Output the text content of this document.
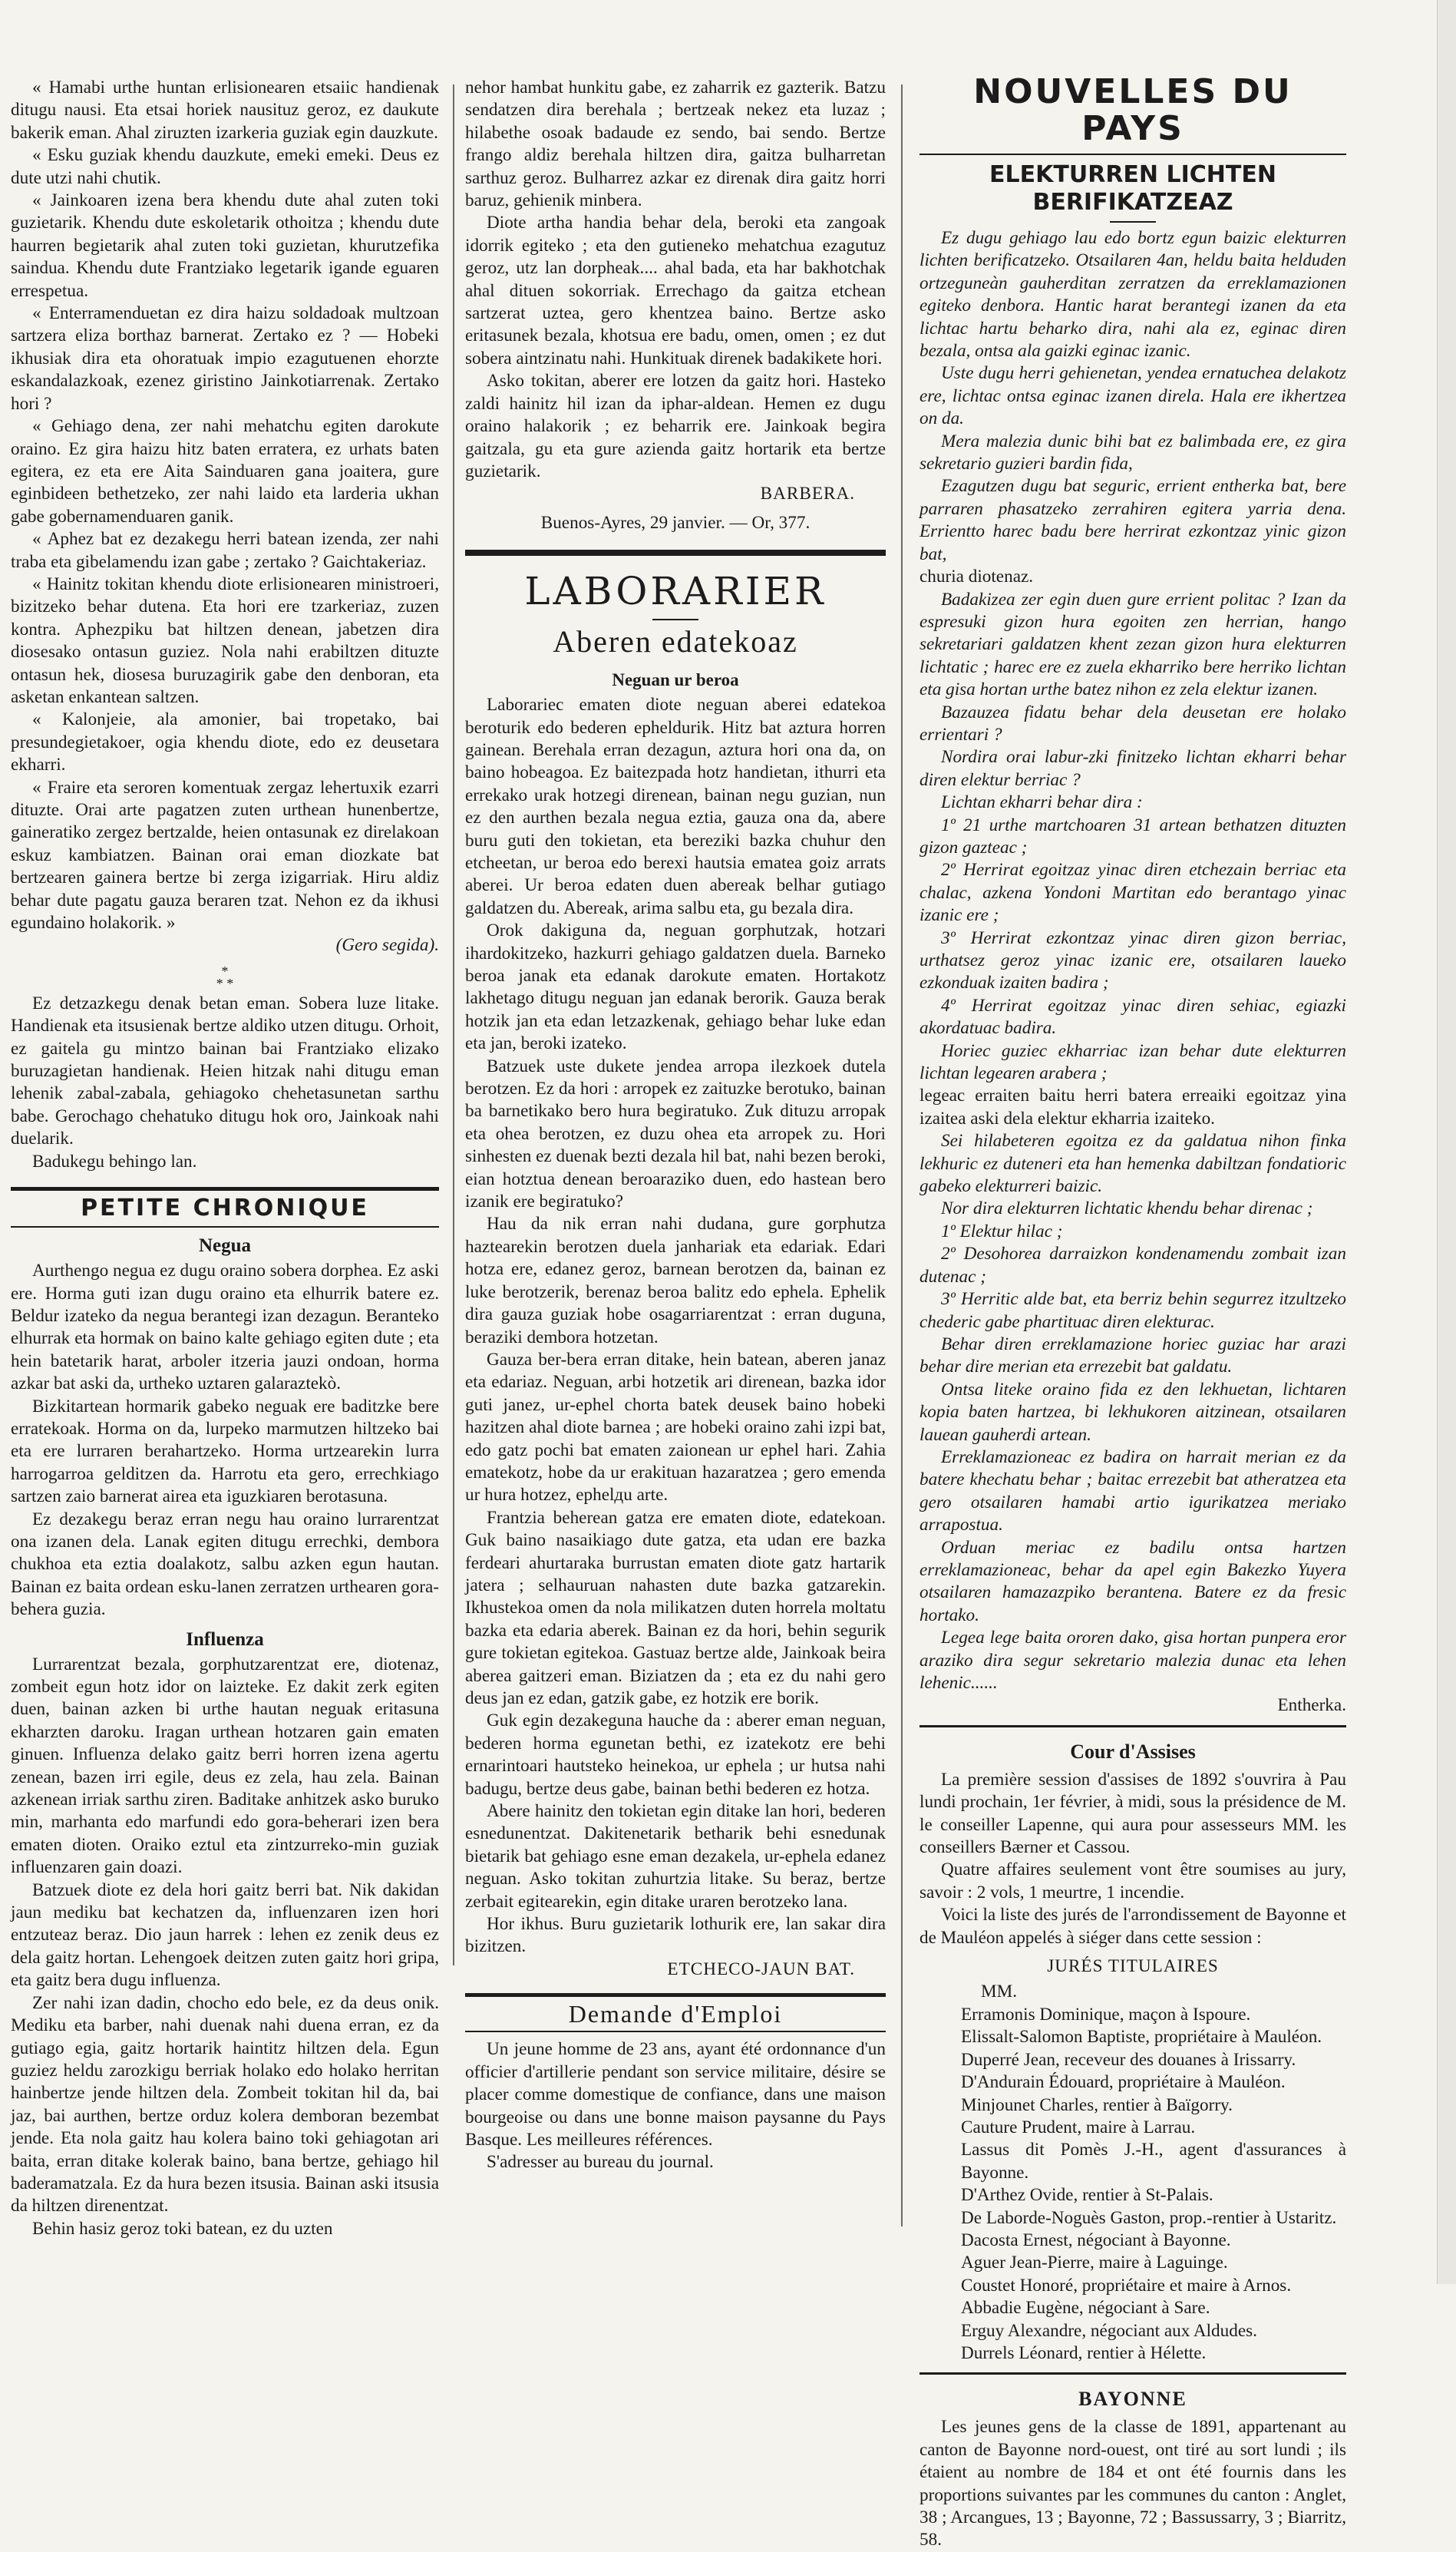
« Hamabi urthe huntan erlisionearen etsaiic handienak ditugu nausi. Eta etsai horiek nausituz geroz, ez daukute bakerik eman. Ahal ziruzten izarkeria guziak egin dauzkute.

« Esku guziak khendu dauzkute, emeki emeki. Deus ez dute utzi nahi chutik.

« Jainkoaren izena bera khendu dute ahal zuten toki guzietarik. Khendu dute eskoletarik othoitza ; khendu dute haurren begietarik ahal zuten toki guzietan, khurutzefika saindua. Khendu dute Frantziako legetarik igande eguaren errespetua.

« Enterramenduetan ez dira haizu soldadoak multzoan sartzera eliza borthaz barnerat. Zertako ez ? — Hobeki ikhusiak dira eta ohoratuak impio ezagutuenen ehorzte eskandalazkoak, ezenez giristino Jainkotiarrenak. Zertako hori ?

« Gehiago dena, zer nahi mehatchu egiten darokute oraino. Ez gira haizu hitz baten erratera, ez urhats baten egitera, ez eta ere Aita Sainduaren gana joaitera, gure eginbideen bethetzeko, zer nahi laido eta larderia ukhan gabe gobernamenduaren ganik.

« Aphez bat ez dezakegu herri batean izenda, zer nahi traba eta gibelamendu izan gabe ; zertako ? Gaichtakeriaz.

« Hainitz tokitan khendu diote erlisionearen ministroeri, bizitzeko behar dutena. Eta hori ere tzarkeriaz, zuzen kontra. Aphezpiku bat hiltzen denean, jabetzen dira diosesako ontasun guziez. Nola nahi erabiltzen dituzte ontasun hek, diosesa buruzagirik gabe den denboran, eta asketan enkantean saltzen.

« Kalonjeie, ala amonier, bai tropetako, bai presundegietakoer, ogia khendu diote, edo ez deusetara ekharri.

« Fraire eta seroren komentuak zergaz lehertuxik ezarri dituzte. Orai arte pagatzen zuten urthean hunenbertze, gaineratiko zergez bertzalde, heien ontasunak ez direlakoan eskuz kambiatzen. Bainan orai eman diozkate bat bertzearen gainera bertze bi zerga izigarriak. Hiru aldiz behar dute pagatu gauza beraren tzat. Nehon ez da ikhusi egundaino holakorik. »

(Gero segida).

*
* *

Ez detzazkegu denak betan eman. Sobera luze litake. Handienak eta itsusienak bertze aldiko utzen ditugu. Orhoit, ez gaitela gu mintzo bainan bai Frantziako elizako buruzagietan handienak. Heien hitzak nahi ditugu eman lehenik zabal-zabala, gehiagoko chehetasunetan sarthu babe. Gerochago chehatuko ditugu hok oro, Jainkoak nahi duelarik.

Badukegu behingo lan.

PETITE CHRONIQUE
Negua

Aurthengo negua ez dugu oraino sobera dorphea. Ez aski ere. Horma guti izan dugu oraino eta elhurrik batere ez. Beldur izateko da negua berantegi izan dezagun. Beranteko elhurrak eta hormak on baino kalte gehiago egiten dute ; eta hein batetarik harat, arboler itzeria jauzi ondoan, horma azkar bat aski da, urtheko uztaren galaraztekò.

Bizkitartean hormarik gabeko neguak ere baditzke bere erratekoak. Horma on da, lurpeko marmutzen hiltzeko bai eta ere lurraren berahartzeko. Horma urtzearekin lurra harrogarroa gelditzen da. Harrotu eta gero, errechkiago sartzen zaio barnerat airea eta iguzkiaren berotasuna.

Ez dezakegu beraz erran negu hau oraino lurrarentzat ona izanen dela. Lanak egiten ditugu errechki, dembora chukhoa eta eztia doalakotz, salbu azken egun hautan. Bainan ez baita ordean esku-lanen zerratzen urthearen gora-behera guzia.

Influenza

Lurrarentzat bezala, gorphutzarentzat ere, diotenaz, zombeit egun hotz idor on laizteke. Ez dakit zerk egiten duen, bainan azken bi urthe hautan neguak eritasuna ekharzten daroku. Iragan urthean hotzaren gain ematen ginuen. Influenza delako gaitz berri horren izena agertu zenean, bazen irri egile, deus ez zela, hau zela. Bainan azkenean irriak sarthu ziren. Baditake anhitzek asko buruko min, marhanta edo marfundi edo gora-beherari izen bera ematen dioten. Oraiko eztul eta zintzurreko-min guziak influenzaren gain doazi.

Batzuek diote ez dela hori gaitz berri bat. Nik dakidan jaun mediku bat kechatzen da, influenzaren izen hori entzuteaz beraz. Dio jaun harrek : lehen ez zenik deus ez dela gaitz hortan. Lehengoek deitzen zuten gaitz hori gripa, eta gaitz bera dugu influenza.

Zer nahi izan dadin, chocho edo bele, ez da deus onik. Mediku eta barber, nahi duenak nahi duena erran, ez da gutiago egia, gaitz hortarik haintitz hiltzen dela. Egun guziez heldu zarozkigu berriak holako edo holako herritan hainbertze jende hiltzen dela. Zombeit tokitan hil da, bai jaz, bai aurthen, bertze orduz kolera demboran bezembat jende. Eta nola gaitz hau kolera baino toki gehiagotan ari baita, erran ditake kolerak baino, bana bertze, gehiago hil baderamatzala. Ez da hura bezen itsusia. Bainan aski itsusia da hiltzen direnentzat.

Behin hasiz geroz toki batean, ez du uzten

nehor hambat hunkitu gabe, ez zaharrik ez gazterik. Batzu sendatzen dira berehala ; bertzeak nekez eta luzaz ; hilabethe osoak badaude ez sendo, bai sendo. Bertze frango aldiz berehala hiltzen dira, gaitza bulharretan sarthuz geroz. Bulharrez azkar ez direnak dira gaitz horri baruz, gehienik minbera.

Diote artha handia behar dela, beroki eta zangoak idorrik egiteko ; eta den gutieneko mehatchua ezagutuz geroz, utz lan dorpheak.... ahal bada, eta har bakhotchak ahal dituen sokorriak. Errechago da gaitza etchean sartzerat uztea, gero khentzea baino. Bertze asko eritasunek bezala, khotsua ere badu, omen, omen ; ez dut sobera aintzinatu nahi. Hunkituak direnek badakikete hori.

Asko tokitan, aberer ere lotzen da gaitz hori. Hasteko zaldi hainitz hil izan da iphar-aldean. Hemen ez dugu oraino halakorik ; ez beharrik ere. Jainkoak begira gaitzala, gu eta gure azienda gaitz hortarik eta bertze guzietarik.

BARBERA.

Buenos-Ayres, 29 janvier. — Or, 377.

LABORARIER
Aberen edatekoaz
Neguan ur beroa

Laborariec ematen diote neguan aberei edatekoa beroturik edo bederen epheldurik. Hitz bat aztura horren gainean. Berehala erran dezagun, aztura hori ona da, on baino hobeagoa. Ez baitezpada hotz handietan, ithurri eta errekako urak hotzegi direnean, bainan negu guzian, nun ez den aurthen bezala negua eztia, gauza ona da, abere buru guti den tokietan, eta bereziki bazka chuhur den etcheetan, ur beroa edo berexi hautsia ematea goiz arrats aberei. Ur beroa edaten duen aberеak belhar gutiago galdatzen du. Abereak, arima salbu eta, gu bezala dira.

Orok dakiguna da, neguan gorphutzak, hotzari ihardokitzeko, hazkurri gehiago galdatzen duela. Barneko beroa janak eta edanak darokute ematen. Hortakotz lakhetago ditugu neguan jan edanak berorik. Gauza berak hotzik jan eta edan letzazkenak, gehiago behar luke edan eta jan, beroki izateko.

Batzuek uste dukete jendea arropa ilezkoek dutela berotzen. Ez da hori : arropek ez zaituzke berotuko, bainan ba barnetikako bero hura begiratuko. Zuk dituzu arropak eta ohea berotzen, ez duzu ohea eta arropek zu. Hori sinhesten ez duenak bezti dezala hil bat, nahi bezen beroki, eian hotztua denean beroaraziko duen, edo hastean bero izanik ere begiratuko?

Hau da nik erran nahi dudana, gure gorphutza haztearekin berotzen duela janhariak eta edariak. Edari hotza ere, edanez geroz, barnean berotzen da, bainan ez luke berotzerik, berenaz beroa balitz edo ephela. Ephelik dira gauza guziak hobe osagarriarentzat : erran duguna, beraziki dembora hotzetan.

Gauza ber-bera erran ditake, hein batean, aberen janaz eta edariaz. Neguan, arbi hotzetik ari direnean, bazka idor guti janez, ur-ephel chorta batek deusek baino hobeki hazitzen ahal diote barnea ; are hobeki oraino zahi izpi bat, edo gatz pochi bat ematen zaionean ur ephel hari. Zahia ematekotz, hobe da ur erakituan hazaratzea ; gero emenda ur hura hotzez, ephelдu arte.

Frantzia beherean gatza ere ematen diote, edatekoan. Guk baino nasaikiago dute gatza, eta udan ere bazka ferdeari ahurtaraka burrustan ematen diote gatz hartarik jatera ; selhauruan nahasten dute bazka gatzarekin. Ikhustekoa omen da nola milikatzen duten horrela moltatu bazka eta edaria aberek. Bainan ez da hori, behin segurik gure tokietan egitekoa. Gastuaz bertze alde, Jainkoak beira aberea gaitzeri eman. Biziatzen da ; eta ez du nahi gero deus jan ez edan, gatzik gabe, ez hotzik ere borik.

Guk egin dezakeguna hauche da : aberer eman neguan, bederen horma egunetan bethi, ez izatekotz ere behi ernarintoari hautsteko heinekoa, ur ephela ; ur hutsa nahi badugu, bertze deus gabe, bainan bethi bederen ez hotza.

Abere hainitz den tokietan egin ditake lan hori, bederen esnedunentzat. Dakitenetarik betharik behi esnedunak bietarik bat gehiago esne eman dezakela, ur-ephela edanez neguan. Asko tokitan zuhurtzia litake. Su beraz, bertze zerbait egitearekin, egin ditake uraren berotzeko lana.

Hor ikhus. Buru guzietarik lothurik ere, lan sakar dira bizitzen.

ETCHECO-JAUN BAT.

Demande d'Emploi

Un jeune homme de 23 ans, ayant été ordonnance d'un officier d'artillerie pendant son service militaire, désire se placer comme domestique de confiance, dans une maison bourgeoise ou dans une bonne maison paysanne du Pays Basque. Les meilleures références.

S'adresser au bureau du journal.

NOUVELLES DU PAYS
ELEKTURREN LICHTEN BERIFIKATZEAZ

Ez dugu gehiago lau edo bortz egun baizic elekturren lichten berificatzeko. Otsailaren 4an, heldu baita helduden ortzeguneàn gauherditan zerratzen da erreklamazionen egiteko denbora. Hantic harat berantegi izanen da eta lichtac hartu beharko dira, nahi ala ez, eginac diren bezala, ontsa ala gaizki eginac izanic.

Uste dugu herri gehienetan, yendea ernatuchea delakotz ere, lichtac ontsa eginac izanen direla. Hala ere ikhertzea on da.

Mera malezia dunic bihi bat ez balimbada ere, ez gira sekretario guzieri bardin fida,

Ezagutzen dugu bat seguric, errient entherka bat, bere parraren phasatzeko zerrahiren egitera yarria dena. Errientto harec badu bere herrirat ezkontzaz yinic gizon bat,

churia diotenaz.

Badakizea zer egin duen gure errient politac ? Izan da espresuki gizon hura egoiten zen herrian, hango sekretariari galdatzen khent zezan gizon hura elekturren lichtatic ; harec ere ez zuela ekharriko bere herriko lichtan eta gisa hortan urthe batez nihon ez zela elektur izanen.

Bazauzea fidatu behar dela deusetan ere holako errientari ?

Nordira orai labur-zki finitzeko lichtan ekharri behar diren elektur berriac ?

Lichtan ekharri behar dira :

1º 21 urthe martchoaren 31 artean bethatzen dituzten gizon gazteac ;

2º Herrirat egoitzaz yinac diren etchezain berriac eta chalac, azkenа Yondoni Martitan edo berantago yinac izanic ere ;

3º Herrirat ezkontzaz yinac diren gizon berriac, urthatsez geroz yinac izanic ere, otsailaren laueko ezkonduak izaiten badira ;

4º Herrirat egoitzaz yinac diren sehiac, egiazki akordatuac badira.

Horiec guziec ekharriac izan behar dute elekturren lichtan legearen arabera ;

legeac erraiten baitu herri batera erreaiki egoitzaz yina izaitea aski dela elektur ekharria izaiteko.

Sei hilabeteren egoitza ez da galdatua nihon finka lekhuric ez duteneri eta han hemenka dabiltzan fondatioric gabeko elekturreri baizic.

Nor dira elekturren lichtatic khendu behar direnac ;

1º Elektur hilac ;

2º Desohorea darraizkon kondenamendu zombait izan dutenac ;

3º Herritic alde bat, eta berriz behin segurrez itzultzeko chederic gabe phartituac diren elekturac.

Behar diren erreklamazione horiec guziac har arazi behar dire merian eta errezebit bat galdatu.

Ontsa liteke oraino fida ez den lekhuetan, lichtaren kopia baten hartzea, bi lekhukoren aitzinean, otsailaren lauean gauherdi artean.

Erreklamazioneac ez badira on harrait merian ez da batere khechatu behar ; baitac errezebit bat atheratzea eta gero otsailaren hamabi artio igurikatzea meriako arrapostua.

Orduan meriac ez badilu ontsa hartzen erreklamazioneac, behar da apel egin Bakezko Yuyera otsailaren hamazazpiko berantena. Batere ez da fresic hortako.

Legea lege baita ororen dako, gisa hortan punpera eror araziko dira segur sekretario malezia dunac eta lehen lehenic......

Entherka.

Cour d'Assises

La première session d'assises de 1892 s'ouvrira à Pau lundi prochain, 1er février, à midi, sous la présidence de M. le conseiller Lapenne, qui aura pour assesseurs MM. les conseillers Bærner et Cassou.

Quatre affaires seulement vont être soumises au jury, savoir : 2 vols, 1 meurtre, 1 incendie.

Voici la liste des jurés de l'arrondissement de Bayonne et de Mauléon appelés à siéger dans cette session :

JURÉS TITULAIRES

MM.

Erramonis Dominique, maçon à Ispoure.

Elissalt-Salomon Baptiste, propriétaire à Mauléon.

Duperré Jean, receveur des douanes à Irissarry.

D'Andurain Édouard, propriétaire à Mauléon.

Minjounet Charles, rentier à Baïgorry.

Cauture Prudent, maire à Larrau.

Lassus dit Pomès J.-H., agent d'assurances à Bayonne.

D'Arthez Ovide, rentier à St-Palais.

De Laborde-Noguès Gaston, prop.-rentier à Ustaritz.

Dacosta Ernest, négociant à Bayonne.

Aguer Jean-Pierre, maire à Laguinge.

Coustet Honoré, propriétaire et maire à Arnos.

Abbadie Eugène, négociant à Sare.

Erguy Alexandre, négociant aux Aldudes.

Durrels Léonard, rentier à Hélette.

BAYONNE

Les jeunes gens de la classe de 1891, appartenant au canton de Bayonne nord-ouest, ont tiré au sort lundi ; ils étaient au nombre de 184 et ont été fournis dans les proportions suivantes par les communes du canton : Anglet, 38 ; Arcangues, 13 ; Bayonne, 72 ; Bassussarry, 3 ; Biarritz, 58.
